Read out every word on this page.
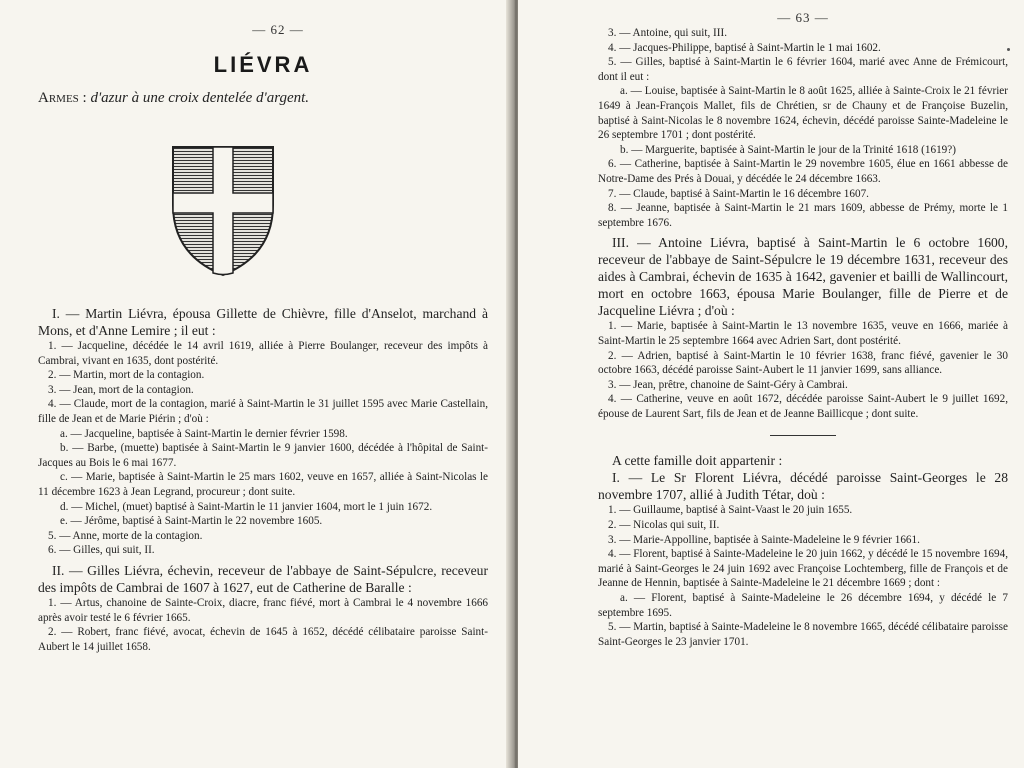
— 62 —
LIÉVRA
Armes : d'azur à une croix dentelée d'argent.

I. — Martin Liévra, épousa Gillette de Chièvre, fille d'Anselot, marchand à Mons, et d'Anne Lemire ; il eut :

1. — Jacqueline, décédée le 14 avril 1619, alliée à Pierre Boulanger, receveur des impôts à Cambrai, vivant en 1635, dont postérité.

2. — Martin, mort de la contagion.

3. — Jean, mort de la contagion.

4. — Claude, mort de la contagion, marié à Saint-Martin le 31 juillet 1595 avec Marie Castellain, fille de Jean et de Marie Piérin ; d'où :

a. — Jacqueline, baptisée à Saint-Martin le dernier février 1598.

b. — Barbe, (muette) baptisée à Saint-Martin le 9 janvier 1600, décédée à l'hôpital de Saint-Jacques au Bois le 6 mai 1677.

c. — Marie, baptisée à Saint-Martin le 25 mars 1602, veuve en 1657, alliée à Saint-Nicolas le 11 décembre 1623 à Jean Legrand, procureur ; dont suite.

d. — Michel, (muet) baptisé à Saint-Martin le 11 janvier 1604, mort le 1 juin 1672.

e. — Jérôme, baptisé à Saint-Martin le 22 novembre 1605.

5. — Anne, morte de la contagion.

6. — Gilles, qui suit, II.

II. — Gilles Liévra, échevin, receveur de l'abbaye de Saint-Sépulcre, receveur des impôts de Cambrai de 1607 à 1627, eut de Catherine de Baralle :

1. — Artus, chanoine de Sainte-Croix, diacre, franc fiévé, mort à Cambrai le 4 novembre 1666 après avoir testé le 6 février 1665.

2. — Robert, franc fiévé, avocat, échevin de 1645 à 1652, décédé célibataire paroisse Saint-Aubert le 14 juillet 1658.

— 63 —

3. — Antoine, qui suit, III.

4. — Jacques-Philippe, baptisé à Saint-Martin le 1 mai 1602.

5. — Gilles, baptisé à Saint-Martin le 6 février 1604, marié avec Anne de Frémicourt, dont il eut :

a. — Louise, baptisée à Saint-Martin le 8 août 1625, alliée à Sainte-Croix le 21 février 1649 à Jean-François Mallet, fils de Chrétien, sr de Chauny et de Françoise Buzelin, baptisé à Saint-Nicolas le 8 novembre 1624, échevin, décédé paroisse Sainte-Madeleine le 26 septembre 1701 ; dont postérité.

b. — Marguerite, baptisée à Saint-Martin le jour de la Trinité 1618 (1619?)

6. — Catherine, baptisée à Saint-Martin le 29 novembre 1605, élue en 1661 abbesse de Notre-Dame des Prés à Douai, y décédée le 24 décembre 1663.

7. — Claude, baptisé à Saint-Martin le 16 décembre 1607.

8. — Jeanne, baptisée à Saint-Martin le 21 mars 1609, abbesse de Prémy, morte le 1 septembre 1676.

III. — Antoine Liévra, baptisé à Saint-Martin le 6 octobre 1600, receveur de l'abbaye de Saint-Sépulcre le 19 décembre 1631, receveur des aides à Cambrai, échevin de 1635 à 1642, gavenier et bailli de Wallincourt, mort en octobre 1663, épousa Marie Boulanger, fille de Pierre et de Jacqueline Liévra ; d'où :

1. — Marie, baptisée à Saint-Martin le 13 novembre 1635, veuve en 1666, mariée à Saint-Martin le 25 septembre 1664 avec Adrien Sart, dont postérité.

2. — Adrien, baptisé à Saint-Martin le 10 février 1638, franc fiévé, gavenier le 30 octobre 1663, décédé paroisse Saint-Aubert le 11 janvier 1699, sans alliance.

3. — Jean, prêtre, chanoine de Saint-Géry à Cambrai.

4. — Catherine, veuve en août 1672, décédée paroisse Saint-Aubert le 9 juillet 1692, épouse de Laurent Sart, fils de Jean et de Jeanne Baillicque ; dont suite.

A cette famille doit appartenir :

I. — Le Sr Florent Liévra, décédé paroisse Saint-Georges le 28 novembre 1707, allié à Judith Tétar, doù :

1. — Guillaume, baptisé à Saint-Vaast le 20 juin 1655.

2. — Nicolas qui suit, II.

3. — Marie-Appolline, baptisée à Sainte-Madeleine le 9 février 1661.

4. — Florent, baptisé à Sainte-Madeleine le 20 juin 1662, y décédé le 15 novembre 1694, marié à Saint-Georges le 24 juin 1692 avec Françoise Lochtemberg, fille de François et de Jeanne de Hennin, baptisée à Sainte-Madeleine le 21 décembre 1669 ; dont :

a. — Florent, baptisé à Sainte-Madeleine le 26 décembre 1694, y décédé le 7 septembre 1695.

5. — Martin, baptisé à Sainte-Madeleine le 8 novembre 1665, décédé célibataire paroisse Saint-Georges le 23 janvier 1701.
